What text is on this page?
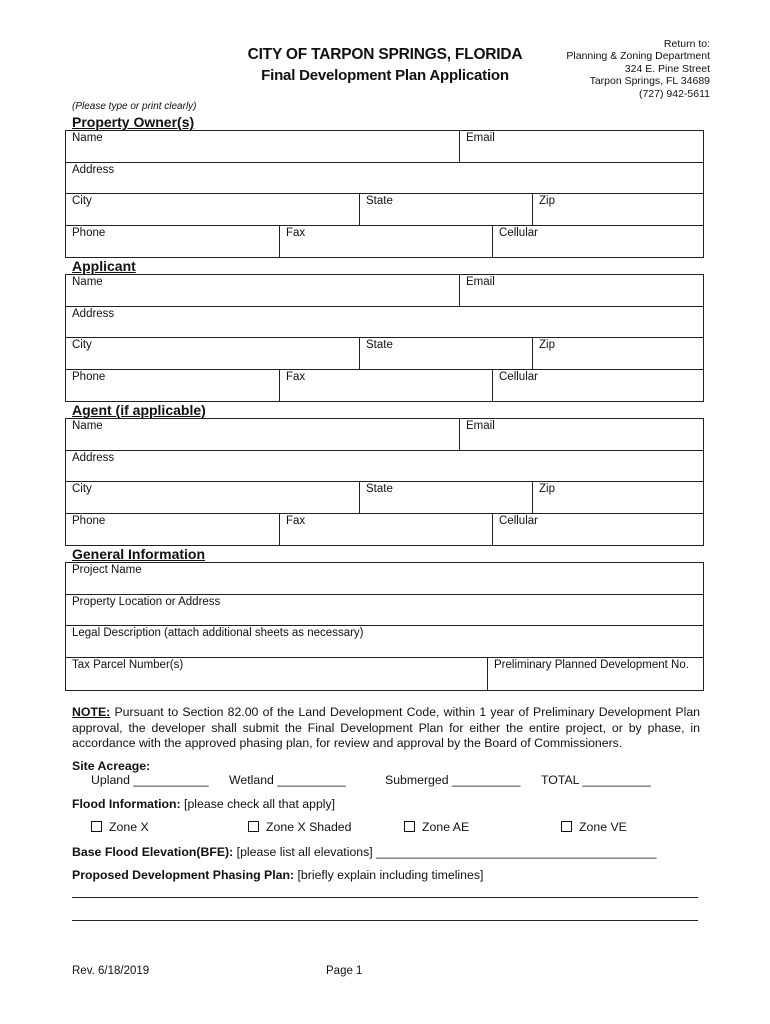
CITY OF TARPON SPRINGS, FLORIDA
Final Development Plan Application
Return to:
Planning & Zoning Department
324 E. Pine Street
Tarpon Springs, FL 34689
(727) 942-5611
(Please type or print clearly)
Property Owner(s)
Name	Email
Address
City	State	Zip
Phone	Fax	Cellular
Applicant
Name	Email
Address
City	State	Zip
Phone	Fax	Cellular
Agent (if applicable)
Name	Email
Address
City	State	Zip
Phone	Fax	Cellular
General Information
Project Name
Property Location or Address
Legal Description (attach additional sheets as necessary)
Tax Parcel Number(s)	Preliminary Planned Development No.
NOTE: Pursuant to Section 82.00 of the Land Development Code, within 1 year of Preliminary Development Plan approval, the developer shall submit the Final Development Plan for either the entire project, or by phase, in accordance with the approved phasing plan, for review and approval by the Board of Commissioners.
Site Acreage:
Upland ___________ Wetland __________	Submerged __________ TOTAL __________
Flood Information: [please check all that apply]
Zone X	Zone X Shaded	Zone AE	Zone VE
Base Flood Elevation(BFE): [please list all elevations] _________________________________________
Proposed Development Phasing Plan: [briefly explain including timelines]
Rev. 6/18/2019	Page 1
